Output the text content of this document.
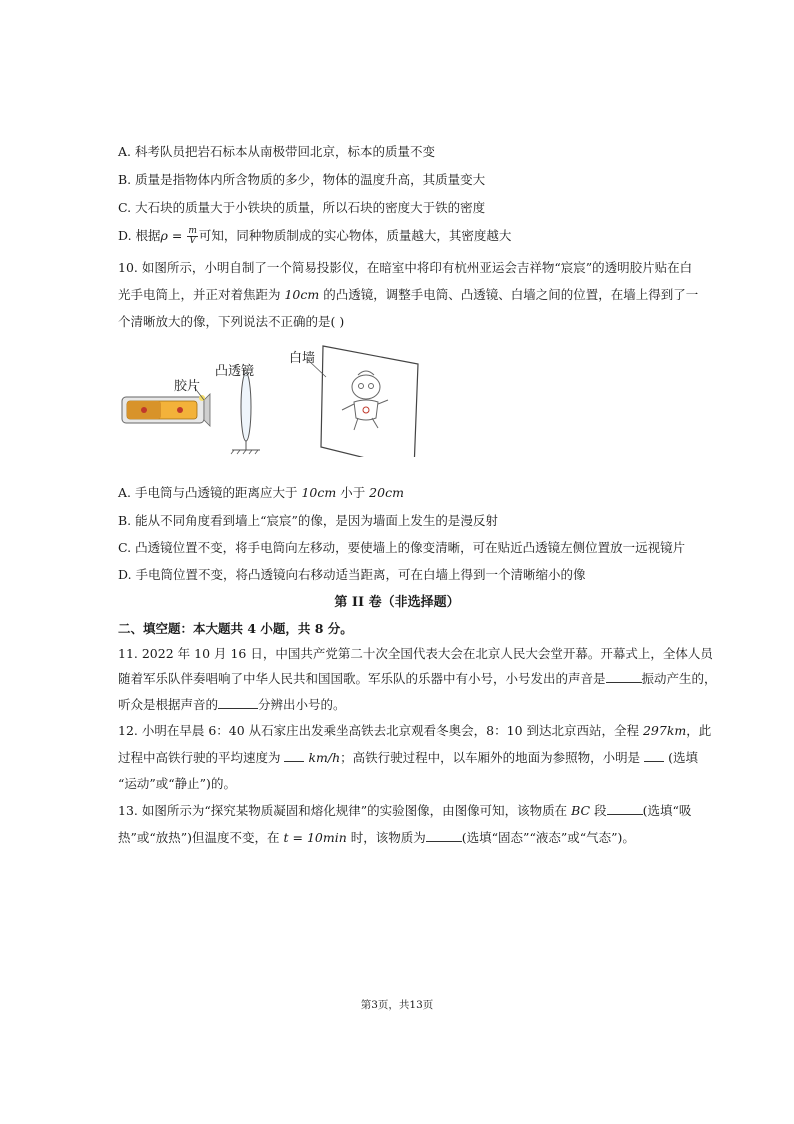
A. 科考队员把岩石标本从南极带回北京，标本的质量不变
B. 质量是指物体内所含物质的多少，物体的温度升高，其质量变大
C. 大石块的质量大于小铁块的质量，所以石块的密度大于铁的密度
D. 根据$\rho = \frac{m}{V}$ 可知，同种物质制成的实心物体，质量越大，其密度越大
10. 如图所示，小明自制了一个简易投影仪，在暗室中将印有杭州亚运会吉祥物“宸宸”的透明胶片贴在白
光手电筒上，并正对着焦距为 10cm 的凸透镜，调整手电筒、凸透镜、白墙之间的位置，在墙上得到了一
个清晰放大的像，下列说法不正确的是( )
胶片
凸透镜
白墙
A. 手电筒与凸透镜的距离应大于 10cm 小于 20cm
B. 能从不同角度看到墙上“宸宸”的像，是因为墙面上发生的是漫反射
C. 凸透镜位置不变，将手电筒向左移动，要使墙上的像变清晰，可在贴近凸透镜左侧位置放一远视镜片
D. 手电筒位置不变，将凸透镜向右移动适当距离，可在白墙上得到一个清晰缩小的像
第 II 卷（非选择题）
二、填空题：本大题共 4 小题，共 8 分。
11. 2022 年 10 月 16 日，中国共产党第二十次全国代表大会在北京人民大会堂开幕。开幕式上，全体人员
随着军乐队伴奏唱响了中华人民共和国国歌。军乐队的乐器中有小号，小号发出的声音是	振动产生的，
听众是根据声音的	分辨出小号的。
12. 小明在早晨 6：40 从石家庄出发乘坐高铁去北京观看冬奥会，8：10 到达北京西站，全程 297km，此
过程中高铁行驶的平均速度为  km/h；高铁行驶过程中，以车厢外的地面为参照物，小明是  (选填
“运动”或“静止”)的。
13. 如图所示为“探究某物质凝固和熔化规律”的实验图像，由图像可知，该物质在 BC 段	(选填“吸
热”或“放热”)但温度不变，在 t = 10min 时，该物质为	(选填“固态”“液态”或“气态”)。
第3页，共13页
